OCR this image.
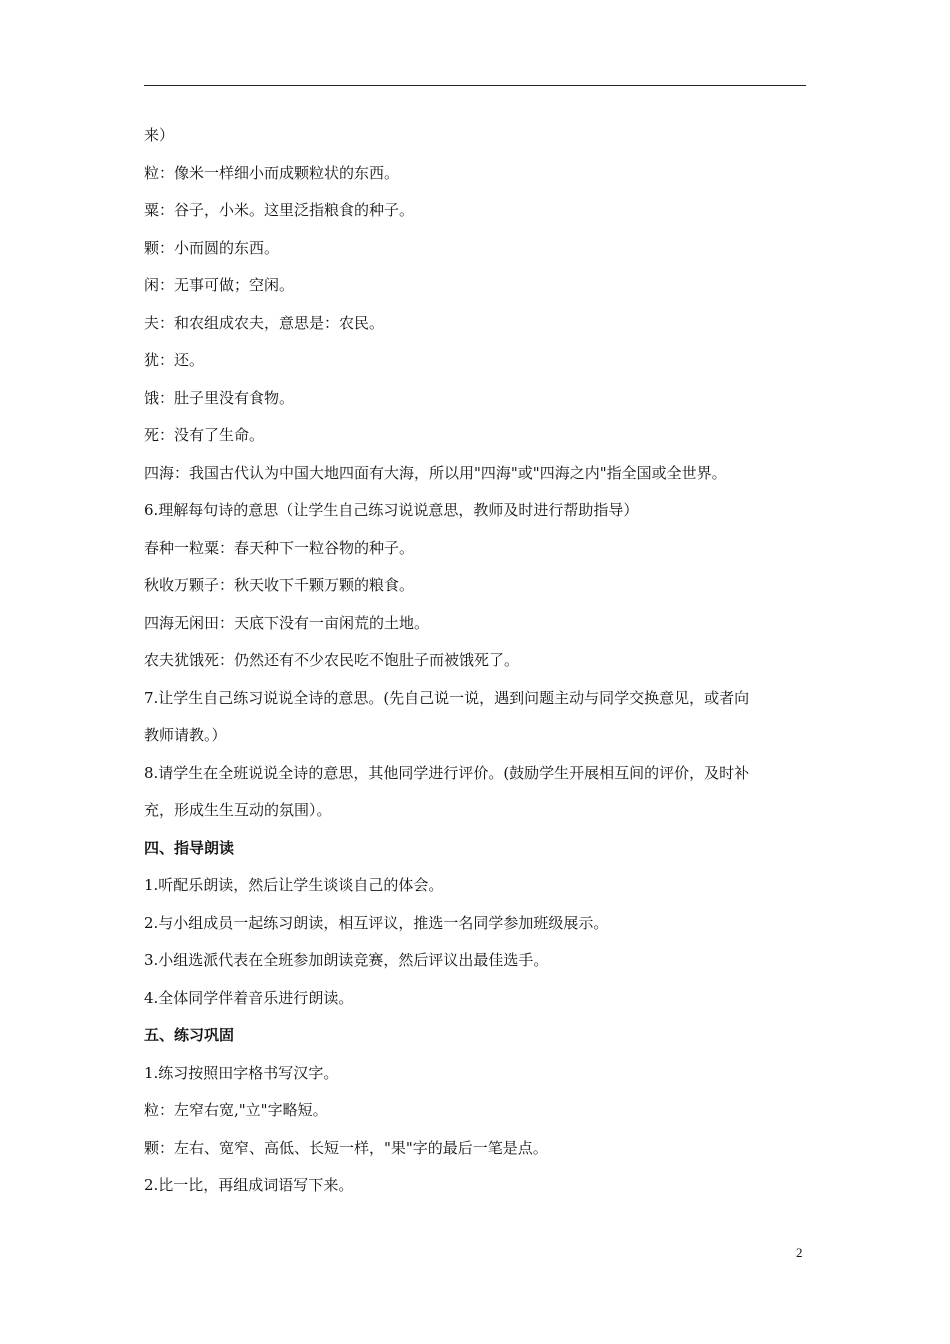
来）
粒：像米一样细小而成颗粒状的东西。
粟：谷子，小米。这里泛指粮食的种子。
颗：小而圆的东西。
闲：无事可做；空闲。
夫：和农组成农夫，意思是：农民。
犹：还。
饿：肚子里没有食物。
死：没有了生命。
四海：我国古代认为中国大地四面有大海，所以用"四海"或"四海之内"指全国或全世界。
6.理解每句诗的意思（让学生自己练习说说意思，教师及时进行帮助指导）
春种一粒粟：春天种下一粒谷物的种子。
秋收万颗子：秋天收下千颗万颗的粮食。
四海无闲田：天底下没有一亩闲荒的土地。
农夫犹饿死：仍然还有不少农民吃不饱肚子而被饿死了。
7.让学生自己练习说说全诗的意思。(先自己说一说，遇到问题主动与同学交换意见，或者向
教师请教。）
8.请学生在全班说说全诗的意思，其他同学进行评价。(鼓励学生开展相互间的评价，及时补
充，形成生生互动的氛围）。
四、指导朗读
1.听配乐朗读，然后让学生谈谈自己的体会。
2.与小组成员一起练习朗读，相互评议，推选一名同学参加班级展示。
3.小组选派代表在全班参加朗读竞赛，然后评议出最佳选手。
4.全体同学伴着音乐进行朗读。
五、练习巩固
1.练习按照田字格书写汉字。
粒：左窄右宽,"立"字略短。
颗：左右、宽窄、高低、长短一样，"果"字的最后一笔是点。
2.比一比，再组成词语写下来。
2
